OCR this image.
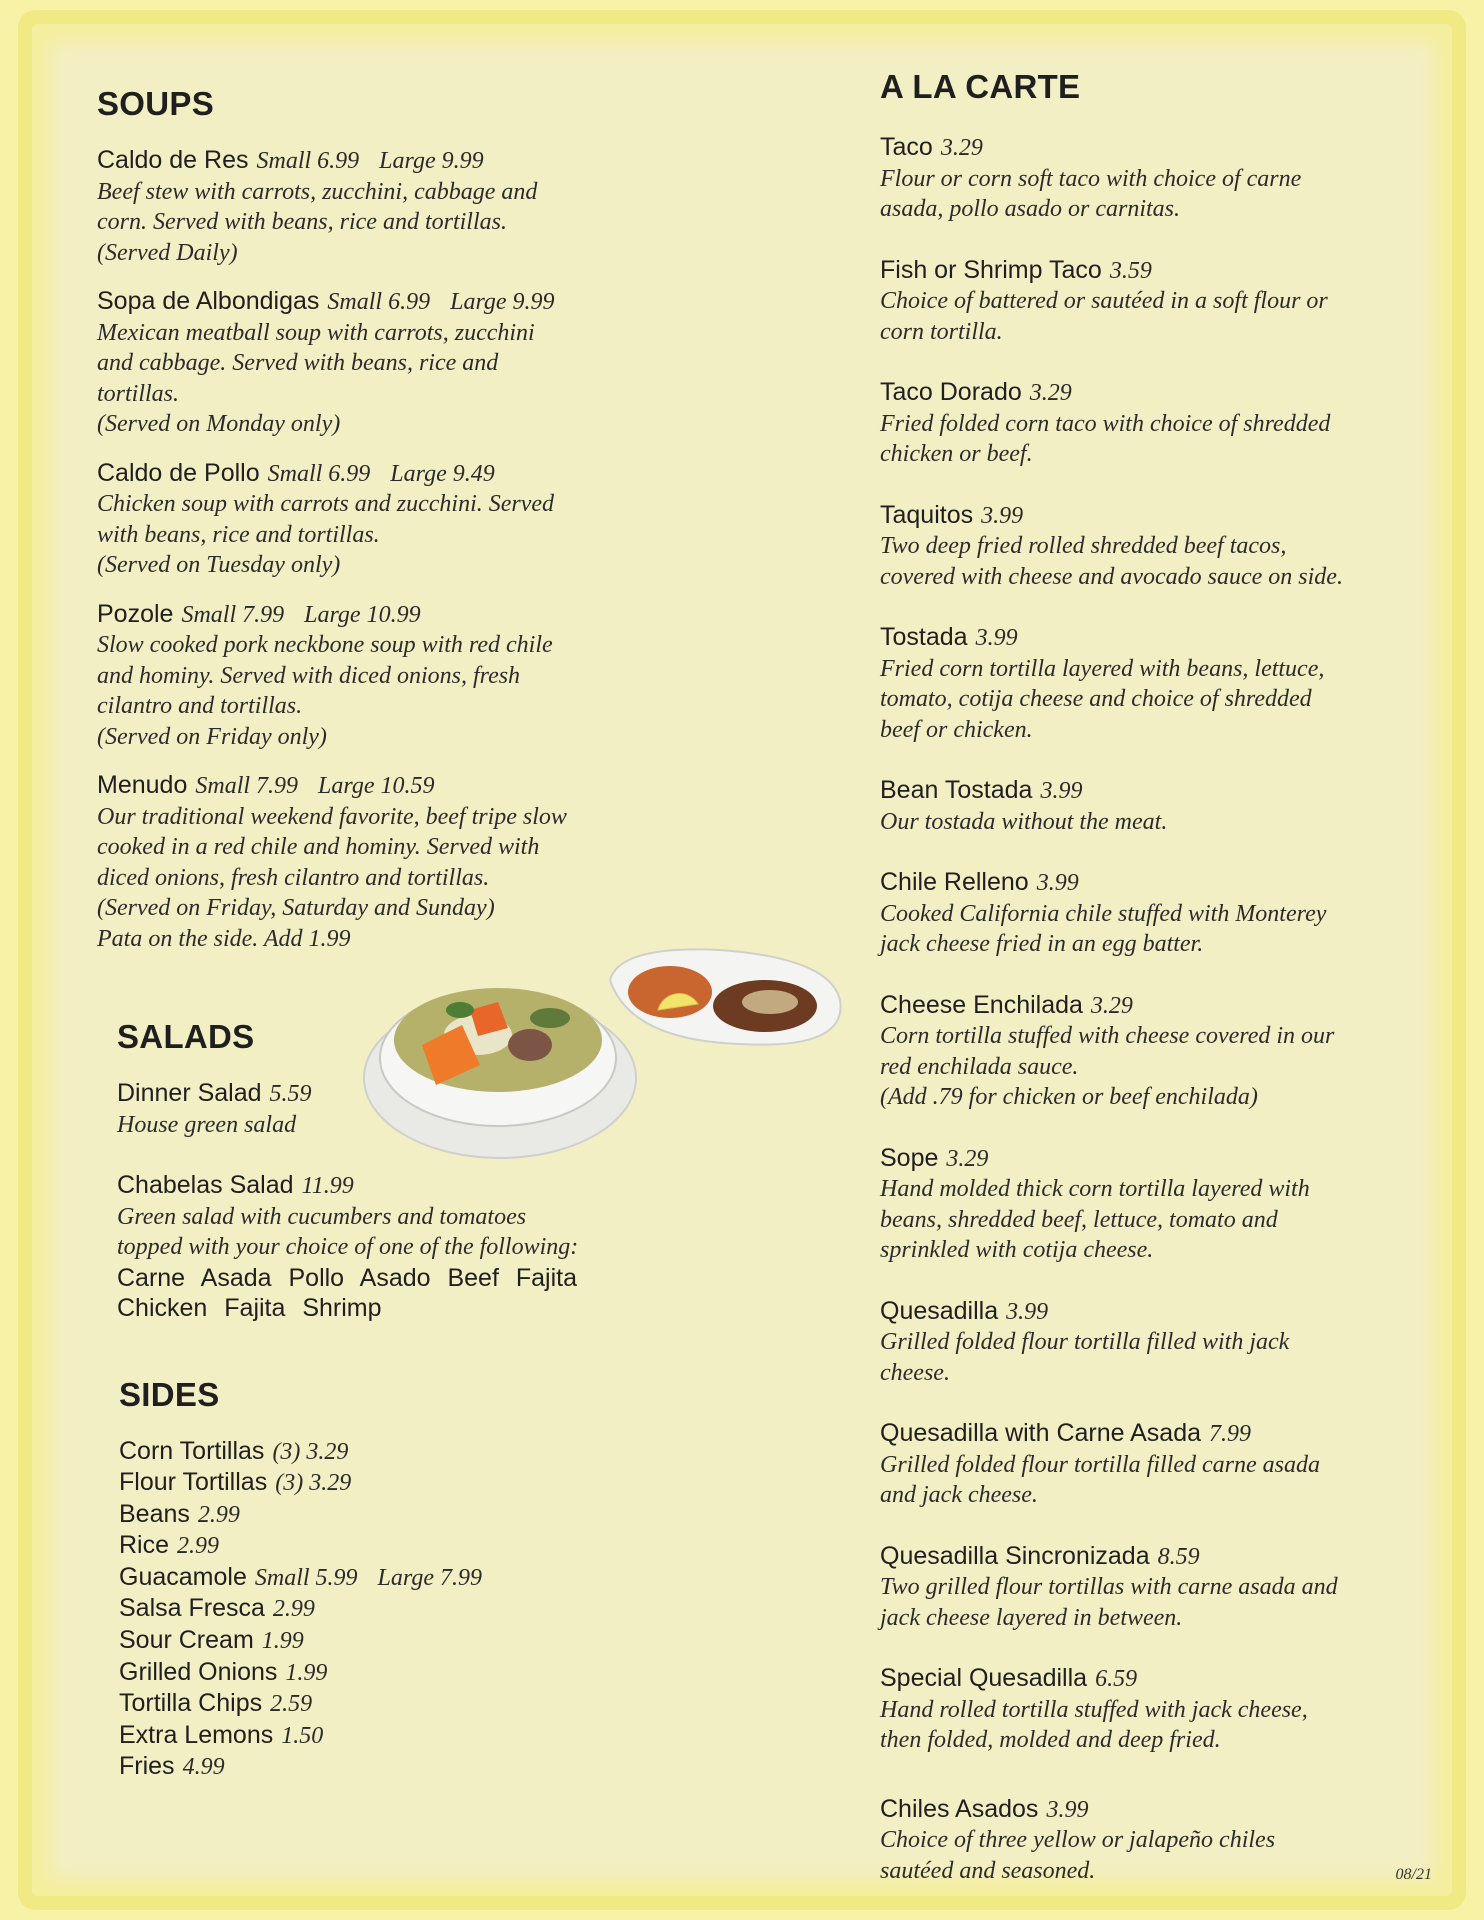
SOUPS
Caldo de Res Small 6.99 Large 9.99
Beef stew with carrots, zucchini, cabbage and
corn. Served with beans, rice and tortillas.
(Served Daily)
Sopa de Albondigas Small 6.99 Large 9.99
Mexican meatball soup with carrots, zucchini
and cabbage. Served with beans, rice and
tortillas.
(Served on Monday only)
Caldo de Pollo Small 6.99 Large 9.49
Chicken soup with carrots and zucchini. Served
with beans, rice and tortillas.
(Served on Tuesday only)
Pozole Small 7.99 Large 10.99
Slow cooked pork neckbone soup with red chile
and hominy. Served with diced onions, fresh
cilantro and tortillas.
(Served on Friday only)
Menudo Small 7.99 Large 10.59
Our traditional weekend favorite, beef tripe slow
cooked in a red chile and hominy. Served with
diced onions, fresh cilantro and tortillas.
(Served on Friday, Saturday and Sunday)
Pata on the side. Add 1.99
SALADS
Dinner Salad 5.59
House green salad
Chabelas Salad 11.99
Green salad with cucumbers and tomatoes
topped with your choice of one of the following:
Carne Asada Pollo Asado Beef Fajita
Chicken Fajita Shrimp
SIDES
Corn Tortillas (3) 3.29
Flour Tortillas (3) 3.29
Beans 2.99
Rice 2.99
Guacamole Small 5.99 Large 7.99
Salsa Fresca 2.99
Sour Cream 1.99
Grilled Onions 1.99
Tortilla Chips 2.59
Extra Lemons 1.50
Fries 4.99
A LA CARTE
Taco 3.29
Flour or corn soft taco with choice of carne
asada, pollo asado or carnitas.
Fish or Shrimp Taco 3.59
Choice of battered or sautéed in a soft flour or
corn tortilla.
Taco Dorado 3.29
Fried folded corn taco with choice of shredded
chicken or beef.
Taquitos 3.99
Two deep fried rolled shredded beef tacos,
covered with cheese and avocado sauce on side.
Tostada 3.99
Fried corn tortilla layered with beans, lettuce,
tomato, cotija cheese and choice of shredded
beef or chicken.
Bean Tostada 3.99
Our tostada without the meat.
Chile Relleno 3.99
Cooked California chile stuffed with Monterey
jack cheese fried in an egg batter.
Cheese Enchilada 3.29
Corn tortilla stuffed with cheese covered in our
red enchilada sauce.
(Add .79 for chicken or beef enchilada)
Sope 3.29
Hand molded thick corn tortilla layered with
beans, shredded beef, lettuce, tomato and
sprinkled with cotija cheese.
Quesadilla 3.99
Grilled folded flour tortilla filled with jack
cheese.
Quesadilla with Carne Asada 7.99
Grilled folded flour tortilla filled carne asada
and jack cheese.
Quesadilla Sincronizada 8.59
Two grilled flour tortillas with carne asada and
jack cheese layered in between.
Special Quesadilla 6.59
Hand rolled tortilla stuffed with jack cheese,
then folded, molded and deep fried.
Chiles Asados 3.99
Choice of three yellow or jalapeño chiles
sautéed and seasoned.	08/21
